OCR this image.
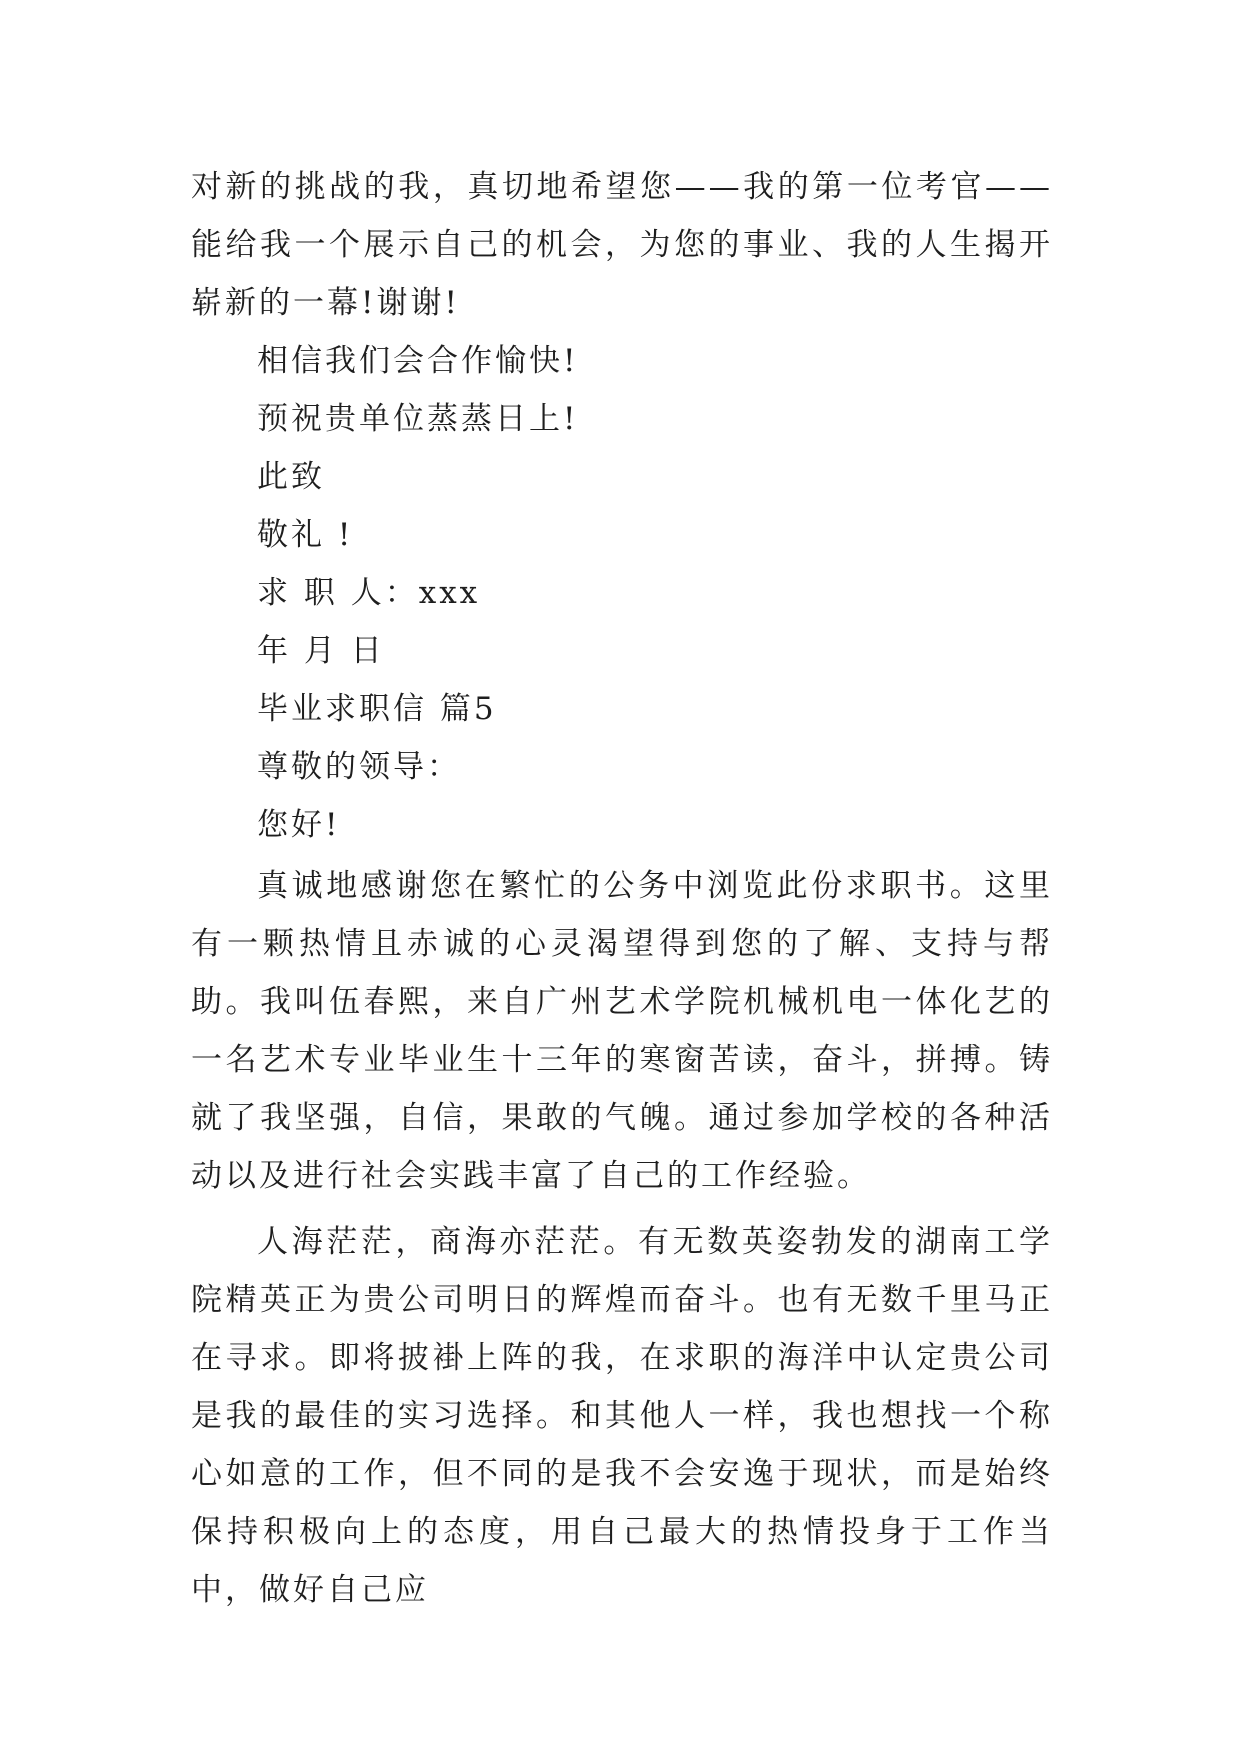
对新的挑战的我，真切地希望您——我的第一位考官——能给我一个展示自己的机会，为您的事业、我的人生揭开崭新的一幕!谢谢!

相信我们会合作愉快!

预祝贵单位蒸蒸日上!

此致

敬礼 !

求 职 人：xxx

年 月 日

毕业求职信 篇5

尊敬的领导：

您好!

真诚地感谢您在繁忙的公务中浏览此份求职书。这里有一颗热情且赤诚的心灵渴望得到您的了解、支持与帮助。我叫伍春熙，来自广州艺术学院机械机电一体化艺的一名艺术专业毕业生十三年的寒窗苦读，奋斗，拼搏。铸就了我坚强，自信，果敢的气魄。通过参加学校的各种活动以及进行社会实践丰富了自己的工作经验。

人海茫茫，商海亦茫茫。有无数英姿勃发的湖南工学院精英正为贵公司明日的辉煌而奋斗。也有无数千里马正在寻求。即将披褂上阵的我，在求职的海洋中认定贵公司是我的最佳的实习选择。和其他人一样，我也想找一个称心如意的工作，但不同的是我不会安逸于现状，而是始终保持积极向上的态度，用自己最大的热情投身于工作当中，做好自己应
